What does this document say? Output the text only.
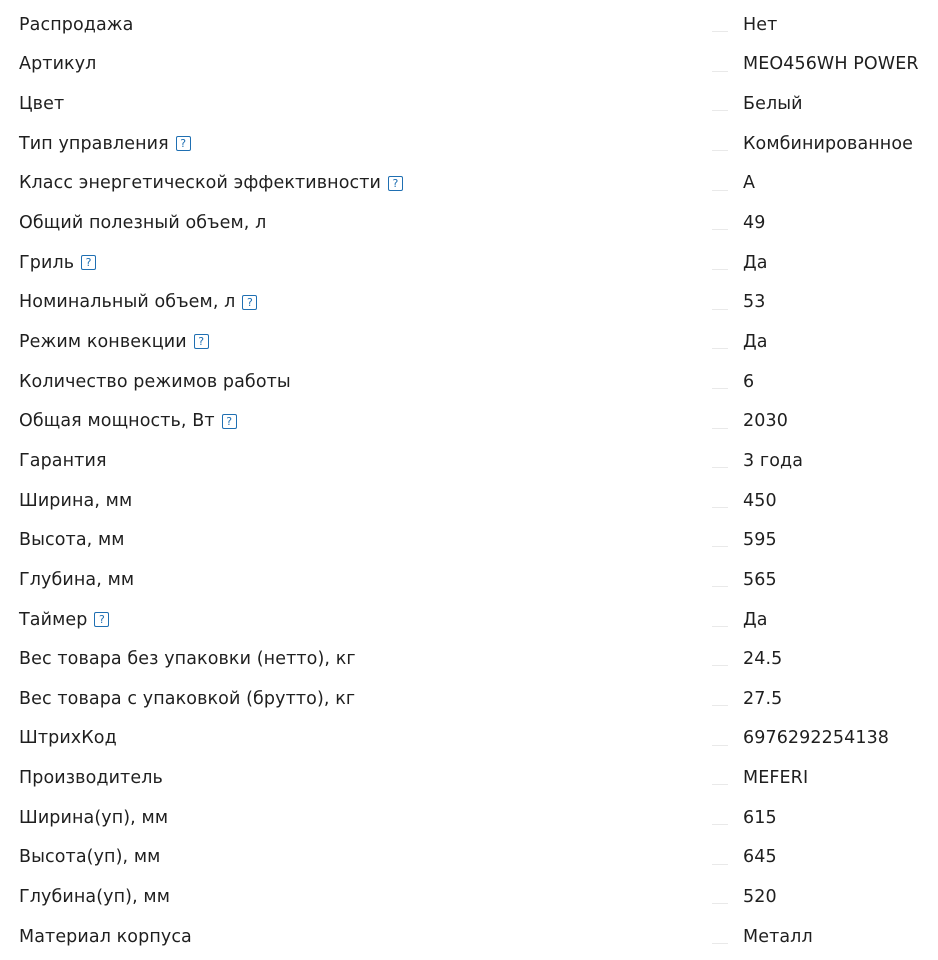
Распродажа	Нет
Артикул	MEO456WH POWER
Цвет	Белый
Тип управления	?	Комбинированное
Класс энергетической эффективности	?	A
Общий полезный объем, л	49
Гриль	?	Да
Номинальный объем, л	?	53
Режим конвекции	?	Да
Количество режимов работы	6
Общая мощность, Вт	?	2030
Гарантия	3 года
Ширина, мм	450
Высота, мм	595
Глубина, мм	565
Таймер	?	Да
Вес товара без упаковки (нетто), кг	24.5
Вес товара с упаковкой (брутто), кг	27.5
ШтрихКод	6976292254138
Производитель	MEFERI
Ширина(уп), мм	615
Высота(уп), мм	645
Глубина(уп), мм	520
Материал корпуса	Металл
